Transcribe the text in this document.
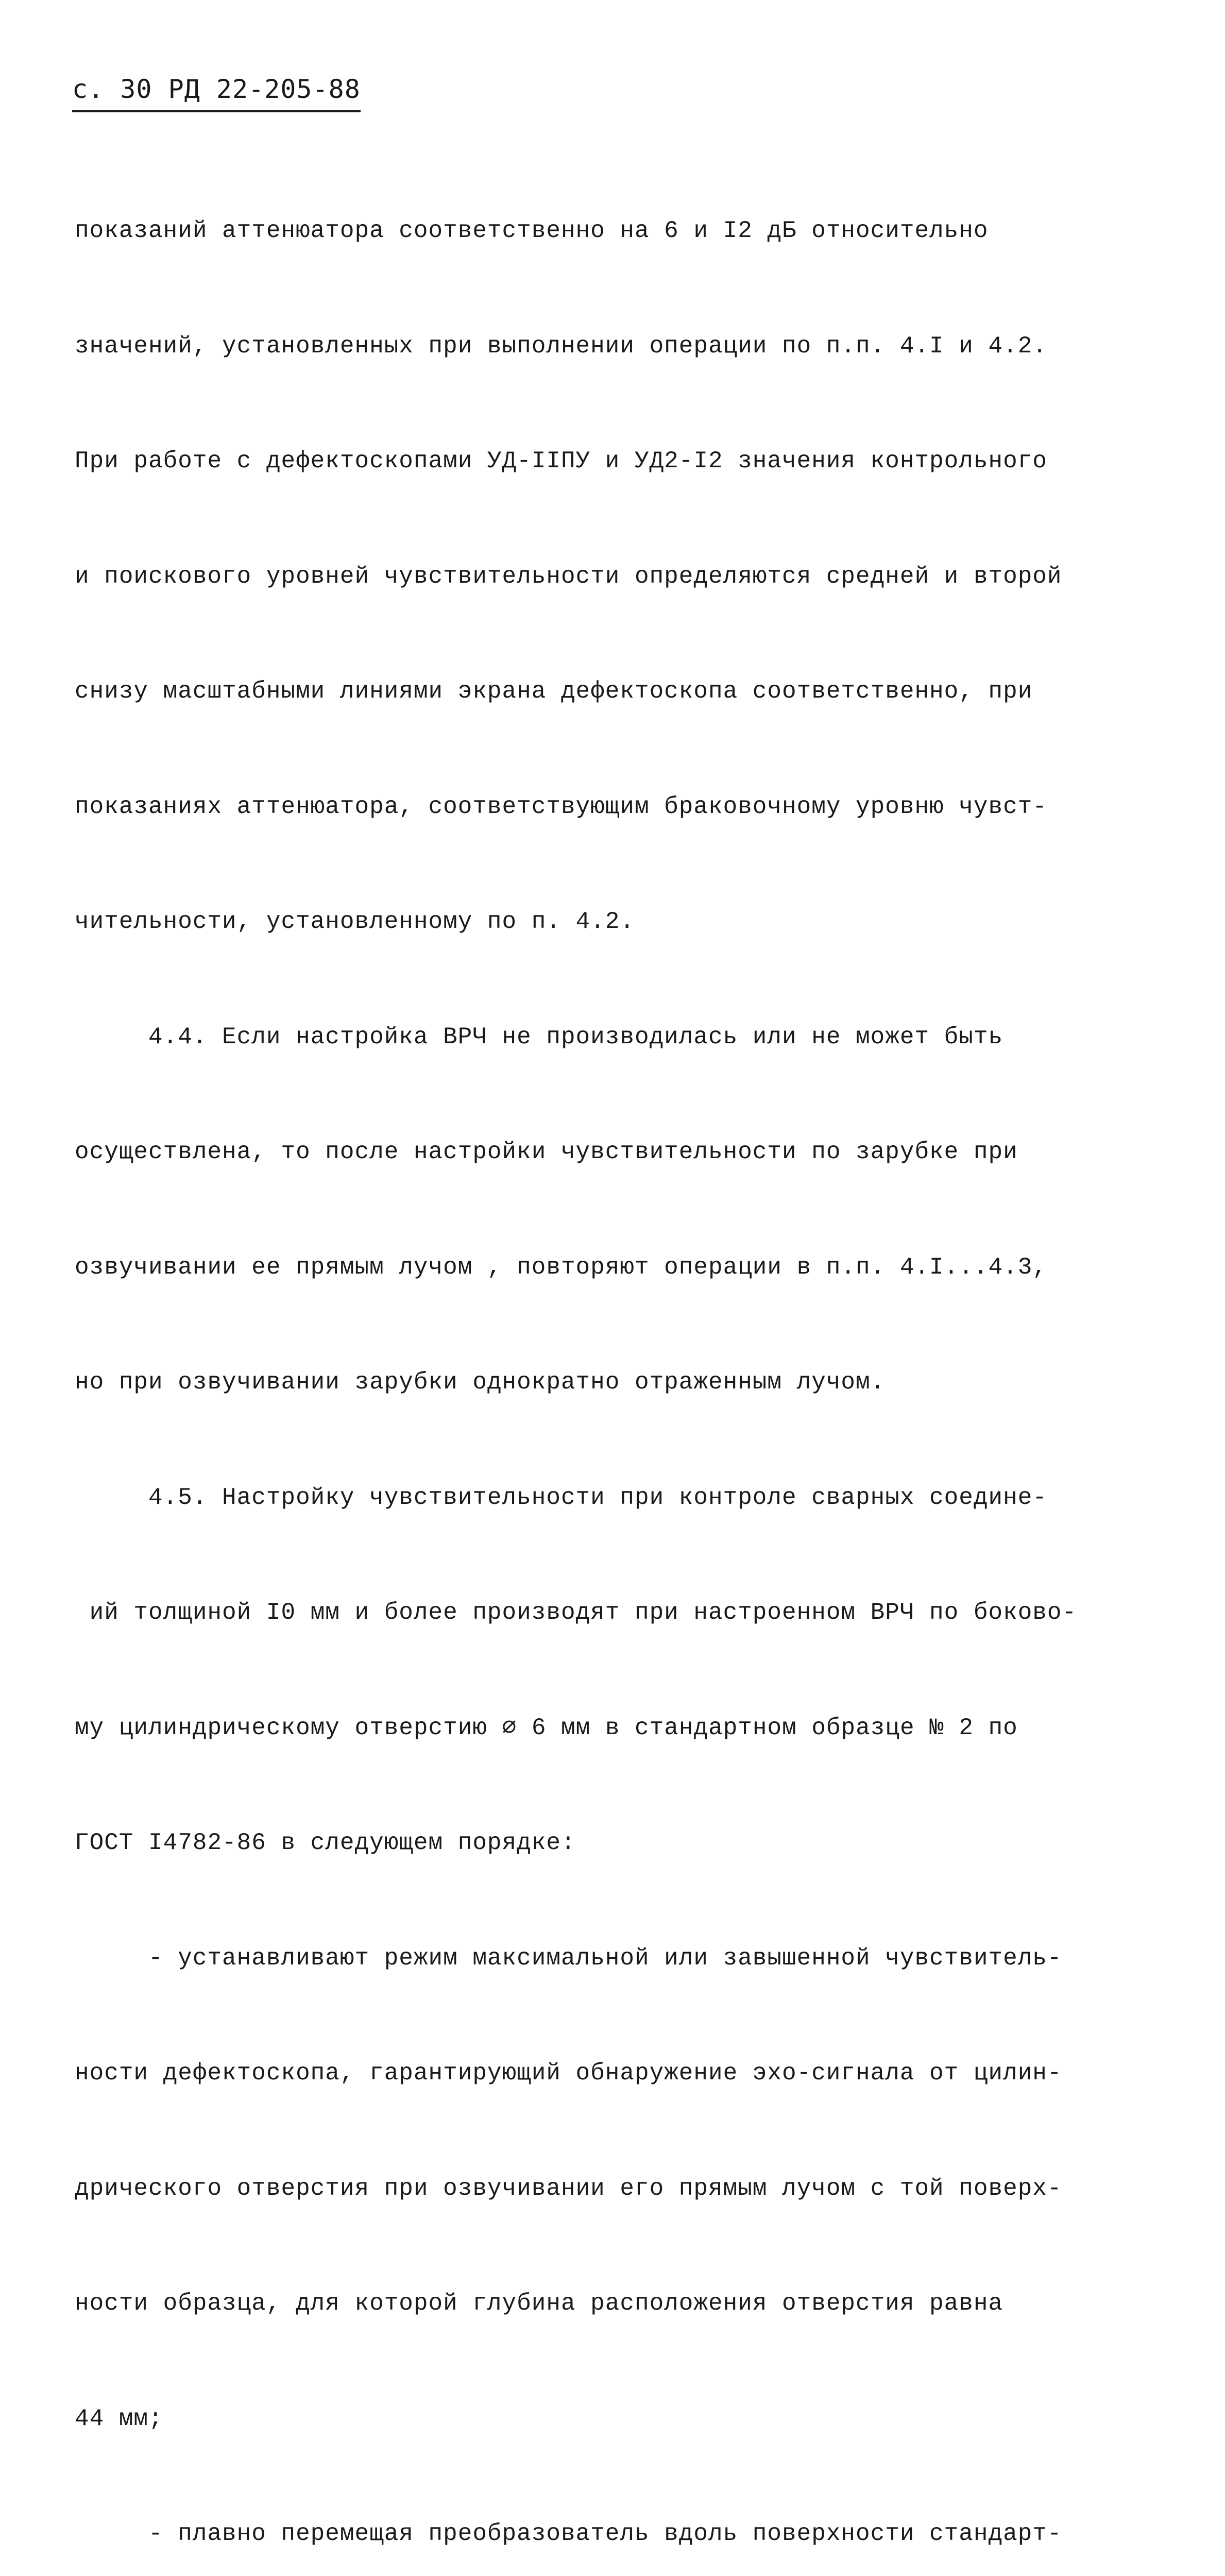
с. 30 РД 22-205-88

показаний аттенюатора соответственно на 6 и I2 дБ относительно

значений, установленных при выполнении операции по п.п. 4.I и 4.2.

При работе с дефектоскопами УД-IIПУ и УД2-I2 значения контрольного

и поискового уровней чувствительности определяются средней и второй

снизу масштабными линиями экрана дефектоскопа соответственно, при

показаниях аттенюатора, соответствующим браковочному уровню чувст-

чительности, установленному по п. 4.2.

4.4. Если настройка ВРЧ не производилась или не может быть

осуществлена, то после настройки чувствительности по зарубке при

озвучивании ее прямым лучом , повторяют операции в п.п. 4.I...4.3,

но при озвучивании зарубки однократно отраженным лучом.

4.5. Настройку чувствительности при контроле сварных соедине-

ий толщиной I0 мм и более производят при настроенном ВРЧ по боково-

му цилиндрическому отверстию ∅ 6 мм в стандартном образце № 2 по

ГОСТ I4782-86 в следующем порядке:

- устанавливают режим максимальной или завышенной чувствитель-

ности дефектоскопа, гарантирующий обнаружение эхо-сигнала от цилин-

дрического отверстия при озвучивании его прямым лучом с той поверх-

ности образца, для которой глубина расположения отверстия равна

44 мм;

- плавно перемещая преобразователь вдоль поверхности стандарт-
